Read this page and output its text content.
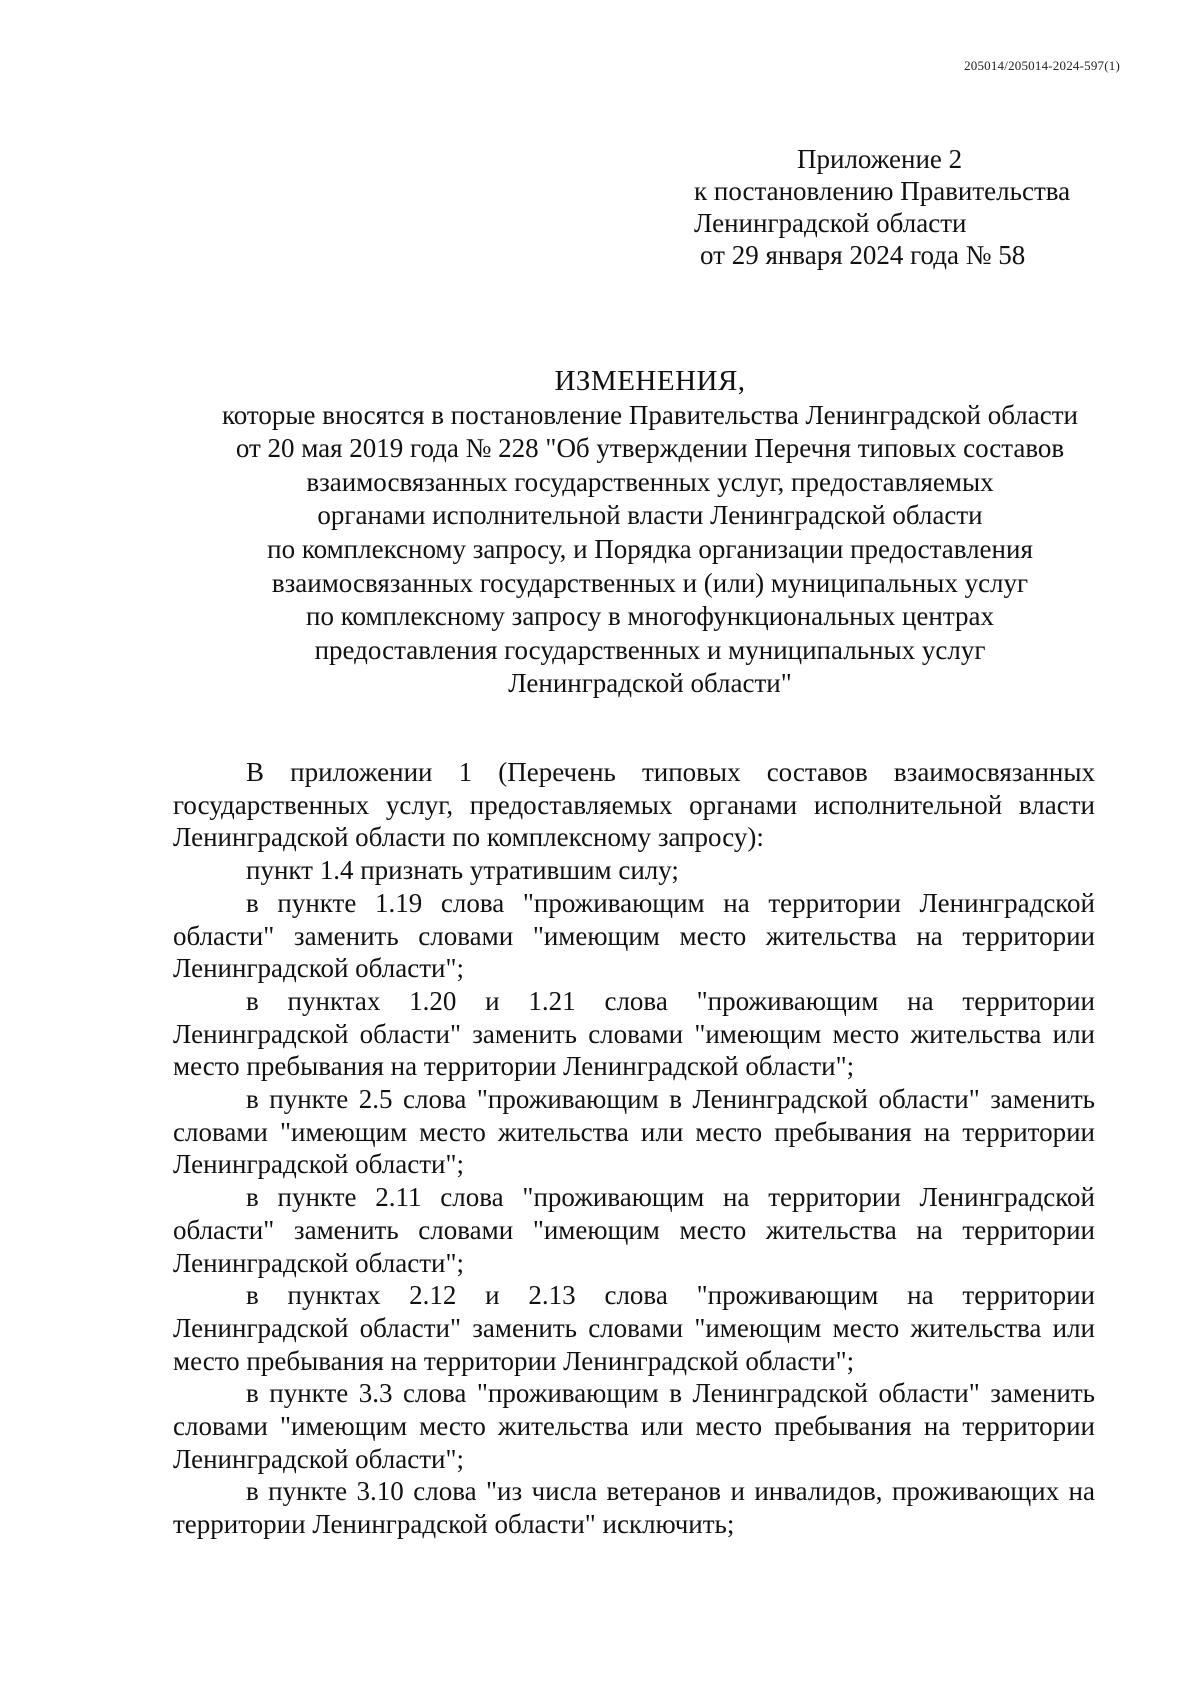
205014/205014-2024-597(1)
Приложение 2
к постановлению Правительства
Ленинградской области
от 29 января 2024 года № 58
ИЗМЕНЕНИЯ,
которые вносятся в постановление Правительства Ленинградской области
от 20 мая 2019 года № 228 "Об утверждении Перечня типовых составов
взаимосвязанных государственных услуг, предоставляемых
органами исполнительной власти Ленинградской области
по комплексному запросу, и Порядка организации предоставления
взаимосвязанных государственных и (или) муниципальных услуг
по комплексному запросу в многофункциональных центрах
предоставления государственных и муниципальных услуг
Ленинградской области"

В приложении 1 (Перечень типовых составов взаимосвязанных государственных услуг, предоставляемых органами исполнительной власти Ленинградской области по комплексному запросу):

пункт 1.4 признать утратившим силу;

в пункте 1.19 слова "проживающим на территории Ленинградской области" заменить словами "имеющим место жительства на территории Ленинградской области";

в пунктах 1.20 и 1.21 слова "проживающим на территории Ленинградской области" заменить словами "имеющим место жительства или место пребывания на территории Ленинградской области";

в пункте 2.5 слова "проживающим в Ленинградской области" заменить словами "имеющим место жительства или место пребывания на территории Ленинградской области";

в пункте 2.11 слова "проживающим на территории Ленинградской области" заменить словами "имеющим место жительства на территории Ленинградской области";

в пунктах 2.12 и 2.13 слова "проживающим на территории Ленинградской области" заменить словами "имеющим место жительства или место пребывания на территории Ленинградской области";

в пункте 3.3 слова "проживающим в Ленинградской области" заменить словами "имеющим место жительства или место пребывания на территории Ленинградской области";

в пункте 3.10 слова "из числа ветеранов и инвалидов, проживающих на территории Ленинградской области" исключить;
